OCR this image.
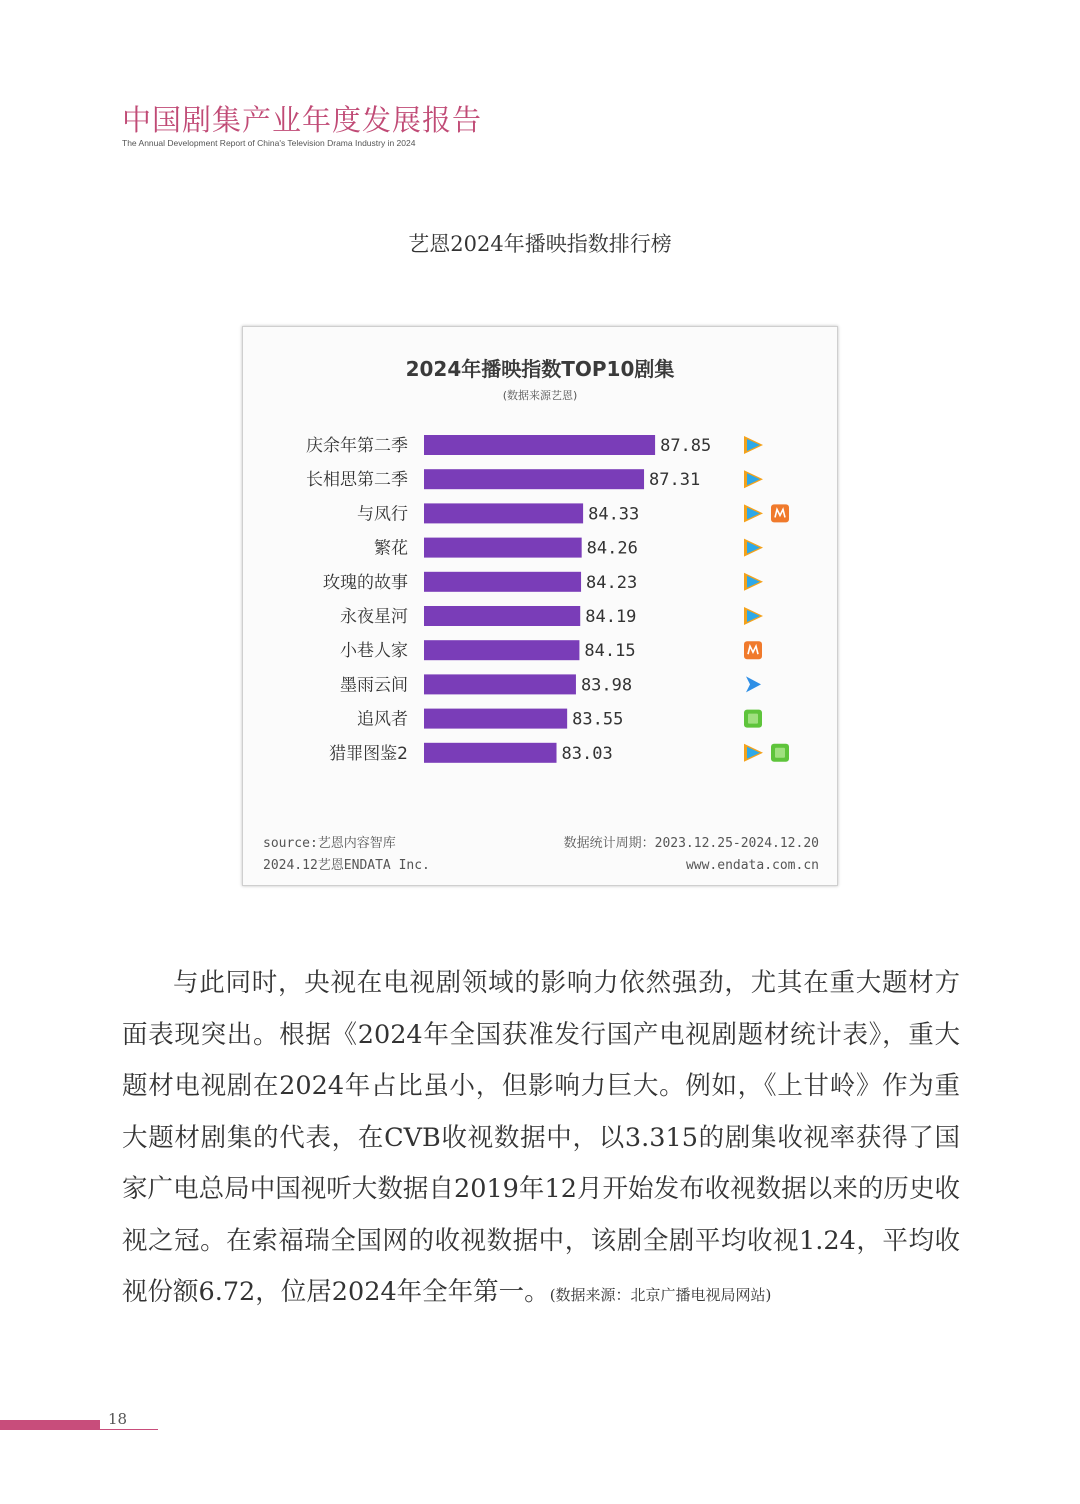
中国剧集产业年度发展报告
The Annual Development Report of China's Television Drama Industry in 2024
艺恩2024年播映指数排行榜
2024年播映指数TOP10剧集
(数据来源艺恩)
庆余年第二季	87.85
长相思第二季	87.31
与凤行	84.33
繁花	84.26
玫瑰的故事	84.23
永夜星河	84.19
小巷人家	84.15
墨雨云间	83.98
追风者	83.55
猎罪图鉴2	83.03
source:艺恩内容智库
2024.12艺恩ENDATA Inc.
数据统计周期：2023.12.25-2024.12.20
www.endata.com.cn

与此同时，央视在电视剧领域的影响力依然强劲，尤其在重大题材方面表现突出。根据《2024年全国获准发行国产电视剧题材统计表》，重大题材电视剧在2024年占比虽小，但影响力巨大。例如，《上甘岭》作为重大题材剧集的代表，在CVB收视数据中，以3.315的剧集收视率获得了国家广电总局中国视听大数据自2019年12月开始发布收视数据以来的历史收视之冠。在索福瑞全国网的收视数据中，该剧全剧平均收视1.24，平均收视份额6.72，位居2024年全年第一。(数据来源：北京广播电视局网站)

18
